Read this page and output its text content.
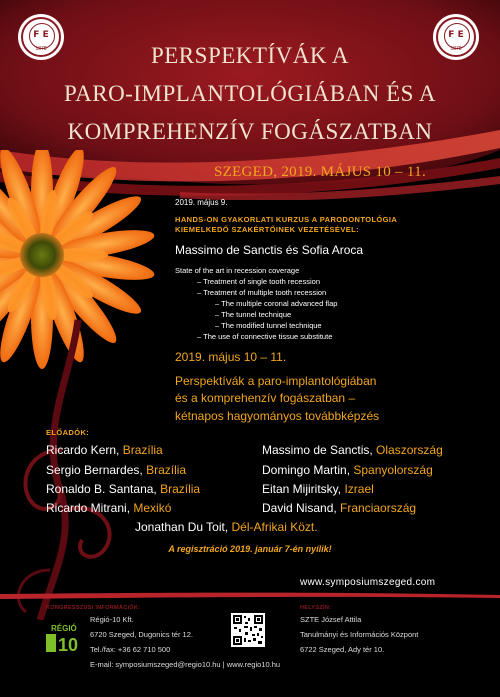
F E
1878
F E
1878
PERSPEKTÍVÁK A
PARO-IMPLANTOLÓGIÁBAN ÉS A
KOMPREHENZÍV FOGÁSZATBAN
SZEGED, 2019. MÁJUS 10 – 11.
2019. május 9.
HANDS-ON GYAKORLATI KURZUS A PARODONTOLÓGIA
KIEMELKEDŐ SZAKÉRTŐINEK VEZETÉSÉVEL:
Massimo de Sanctis és Sofia Aroca
State of the art in recession coverage
– Treatment of single tooth recession
– Treatment of multiple tooth recession
– The multiple coronal advanced flap
– The tunnel technique
– The modified tunnel technique
– The use of connective tissue substitute
2019. május 10 – 11.
Perspektívák a paro-implantológiában
és a komprehenzív fogászatban –
kétnapos hagyományos továbbképzés
ELŐADÓK:
Ricardo Kern, Brazília
Sergio Bernardes, Brazília
Ronaldo B. Santana, Brazília
Ricardo Mitrani, Mexikó
Massimo de Sanctis, Olaszország
Domingo Martin, Spanyolország
Eitan Mijiritsky, Izrael
David Nisand, Franciaország
Jonathan Du Toit, Dél-Afrikai Közt.
A regisztráció 2019. január 7-én nyílik!
www.symposiumszeged.com
KONGRESSZUSI INFORMÁCIÓK:
RÉGIÓ
10
Régió-10 Kft.
6720 Szeged, Dugonics tér 12.
Tel./fax: +36 62 710 500
E-mail: symposiumszeged@regio10.hu | www.regio10.hu
HELYSZÍN:
SZTE József Attila
Tanulmányi és Információs Központ
6722 Szeged, Ady tér 10.
